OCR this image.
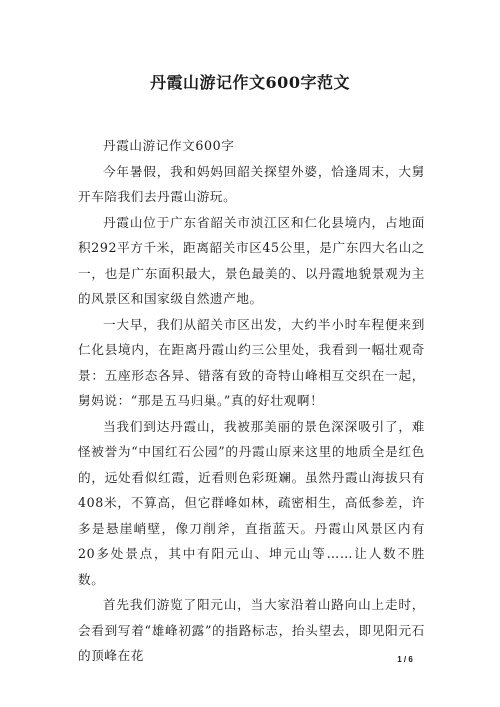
丹霞山游记作文600字范文

丹霞山游记作文600字

今年暑假，我和妈妈回韶关探望外婆，恰逢周末，大舅开车陪我们去丹霞山游玩。

丹霞山位于广东省韶关市浈江区和仁化县境内，占地面积292平方千米，距离韶关市区45公里，是广东四大名山之一，也是广东面积最大，景色最美的、以丹霞地貌景观为主的风景区和国家级自然遗产地。

一大早，我们从韶关市区出发，大约半小时车程便来到仁化县境内，在距离丹霞山约三公里处，我看到一幅壮观奇景：五座形态各异、错落有致的奇特山峰相互交织在一起，舅妈说：“那是五马归巢。”真的好壮观啊！

当我们到达丹霞山，我被那美丽的景色深深吸引了，难怪被誉为“中国红石公园”的丹霞山原来这里的地质全是红色的，远处看似红霞，近看则色彩斑斓。虽然丹霞山海拔只有408米，不算高，但它群峰如林，疏密相生，高低参差，许多是悬崖峭壁，像刀削斧，直指蓝天。丹霞山风景区内有20多处景点，其中有阳元山、坤元山等……让人数不胜数。

首先我们游览了阳元山，当大家沿着山路向山上走时，会看到写着“雄峰初露”的指路标志，抬头望去，即见阳元石的顶峰在花	1 / 6
